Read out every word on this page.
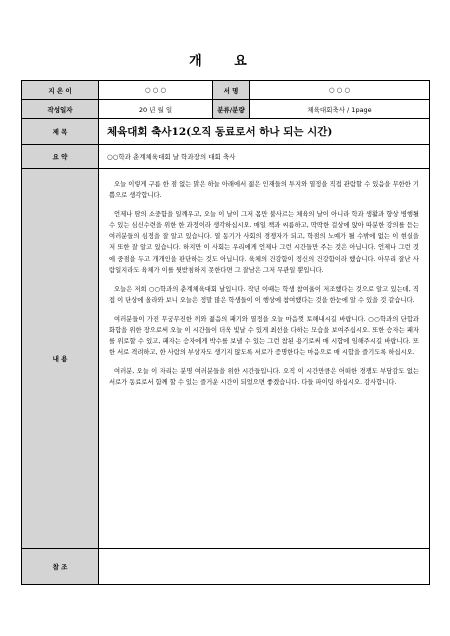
개 요
지 은 이	○ ○ ○	서 명	○ ○ ○
작성일자	20 년 월 일	분류/분량	체육대회축사 / 1page
제 목	체육대회 축사12(오직 동료로서 하나 되는 시간)		
요 약	○○학과 춘계체육대회 날 학과장의 대회 축사		
내 용	오늘 이렇게 구름 한 점 없는 맑은 하늘 아래에서 젊은 인재들의 투지와 열정을 직접 관람할 수 있음을 무한한 기쁨으로 생각합니다.

언제나 땀의 소중함을 일깨우고, 오늘 이 날이 그저 몸만 불사르는 체육의 날이 아니라 학과 생활과 향상 병행될 수 있는 심신수련을 위한 한 과정이라 생각하십시오. 매일 책과 씨름하고, 딱딱한 걸상에 앉아 따분한 강의를 듣는 여러분들의 심정을 잘 알고 있습니다. 열 동기가 사회의 경쟁자가 되고, 학점의 노예가 될 수밖에 없는 이 현실을 저 또한 잘 알고 있습니다. 하지만 이 사회는 우리에게 언제나 그런 시간들만 주는 것은 아닙니다. 언제나 그런 것에 중점을 두고 개개인을 판단하는 것도 아닙니다. 육체의 건강함이 정신의 건강함이라 했습니다. 아무리 잘난 사람일지라도 육체가 이를 뒷받침하지 못한다면 그 잘남은 그저 무관일 뿐입니다.

오늘은 저희 ○○학과의 춘계체육대회 날입니다. 작년 이때는 학생 참여율이 저조했다는 것으로 알고 있는데, 직접 이 단상에 올라와 보니 오늘은 정말 많은 학생들이 이 행상에 참여했다는 것을 한눈에 알 수 있을 것 같습니다.

여러분들이 가진 무궁무진한 끼와 젊음의 패기와 열정을 오늘 마음껏 토해내시길 바랍니다. ○○학과의 단합과 화합을 위한 장으로써 오늘 이 시간들이 더욱 빛날 수 있게 최선을 다하는 모습을 보여주십시오. 또한 승자는 패자를 위로할 수 있고, 패자는 승자에게 박수를 보낼 수 있는 그런 참된 용기로써 매 시합에 임해주시길 바랍니다. 또한 서로 격려하고, 한 사람의 부상자도 생기지 않도록 서로가 증명한다는 마음으로 매 시합을 즐기도록 하십시오.

여러분, 오늘 이 자리는 분명 여러분들을 위한 시간들입니다. 오직 이 시간만큼은 어떠한 경쟁도 부담감도 없는 서로가 동료로서 함께 할 수 있는 즐거운 시간이 되었으면 좋겠습니다. 다들 파이팅 하십시오. 감사합니다.		

참 조			
